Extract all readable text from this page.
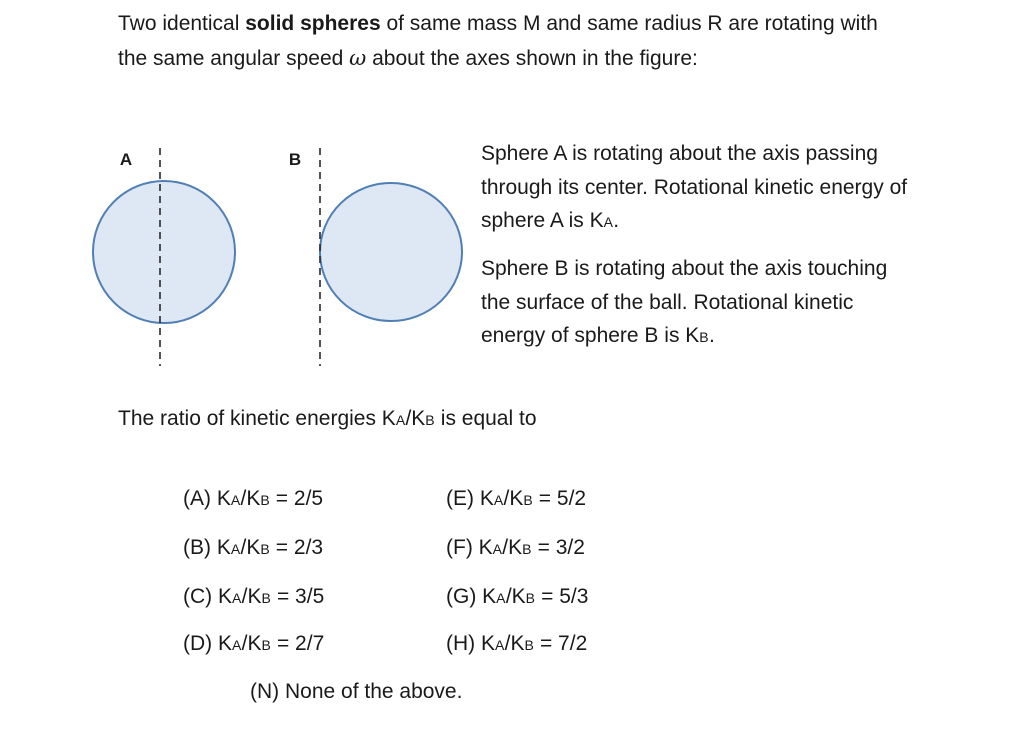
Two identical solid spheres of same mass M and same radius R are rotating with
the same angular speed ω about the axes shown in the figure:
A	B	Sphere A is rotating about the axis passing
through its center. Rotational kinetic energy of
sphere A is KA.
Sphere B is rotating about the axis touching
the surface of the ball. Rotational kinetic
energy of sphere B is KB.
The ratio of kinetic energies KA/KB is equal to
(A) KA/KB = 2/5
(B) KA/KB = 2/3
(C) KA/KB = 3/5
(D) KA/KB = 2/7
(E) KA/KB = 5/2
(F) KA/KB = 3/2
(G) KA/KB = 5/3
(H) KA/KB = 7/2
(N) None of the above.
